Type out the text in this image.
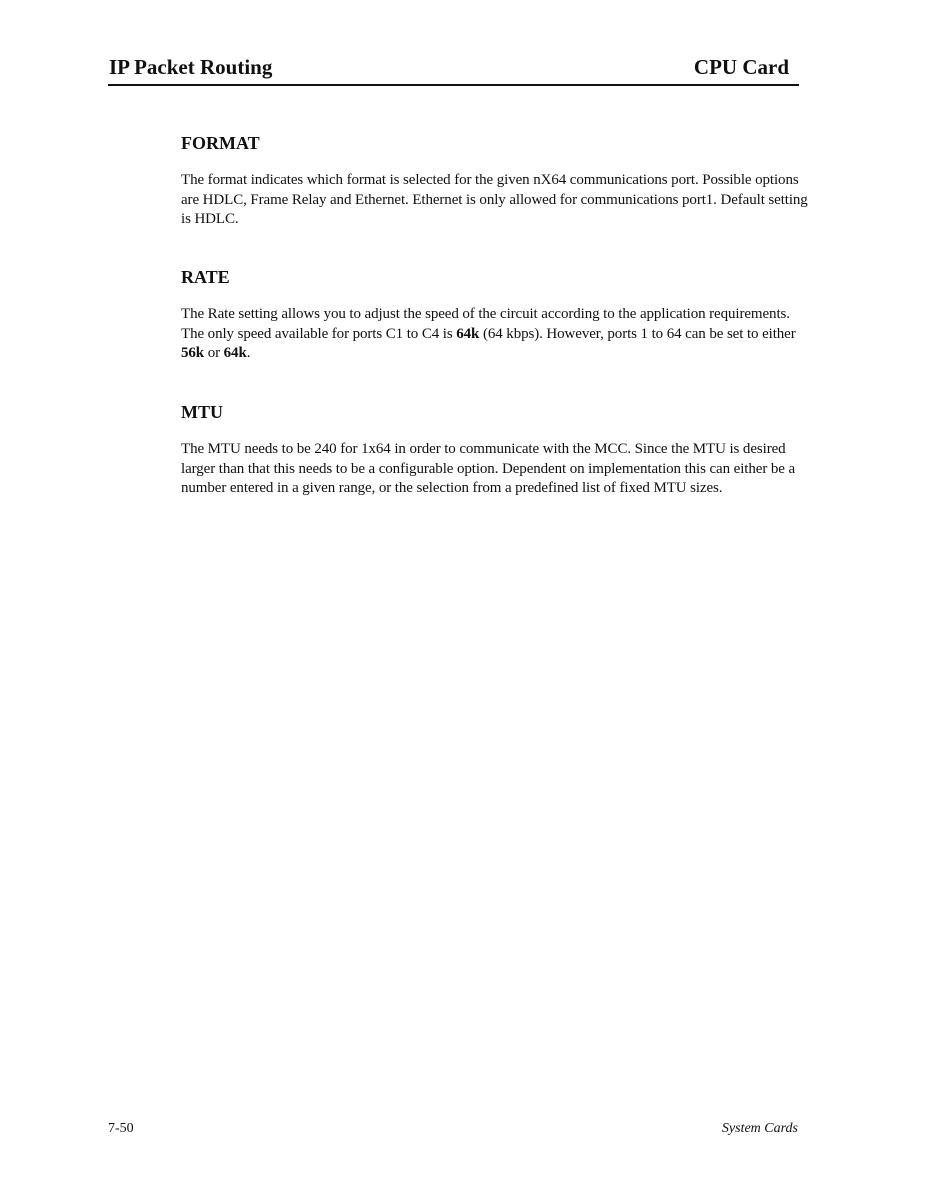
IP Packet Routing	CPU Card
FORMAT

The format indicates which format is selected for the given nX64 communications port. Possible options are HDLC, Frame Relay and Ethernet. Ethernet is only allowed for communications port1. Default setting is HDLC.

RATE

The Rate setting allows you to adjust the speed of the circuit according to the application requirements. The only speed available for ports C1 to C4 is 64k (64 kbps). However, ports 1 to 64 can be set to either 56k or 64k.

MTU

The MTU needs to be 240 for 1x64 in order to communicate with the MCC. Since the MTU is desired larger than that this needs to be a configurable option. Dependent on implementation this can either be a number entered in a given range, or the selection from a predefined list of fixed MTU sizes.

7-50	System Cards
